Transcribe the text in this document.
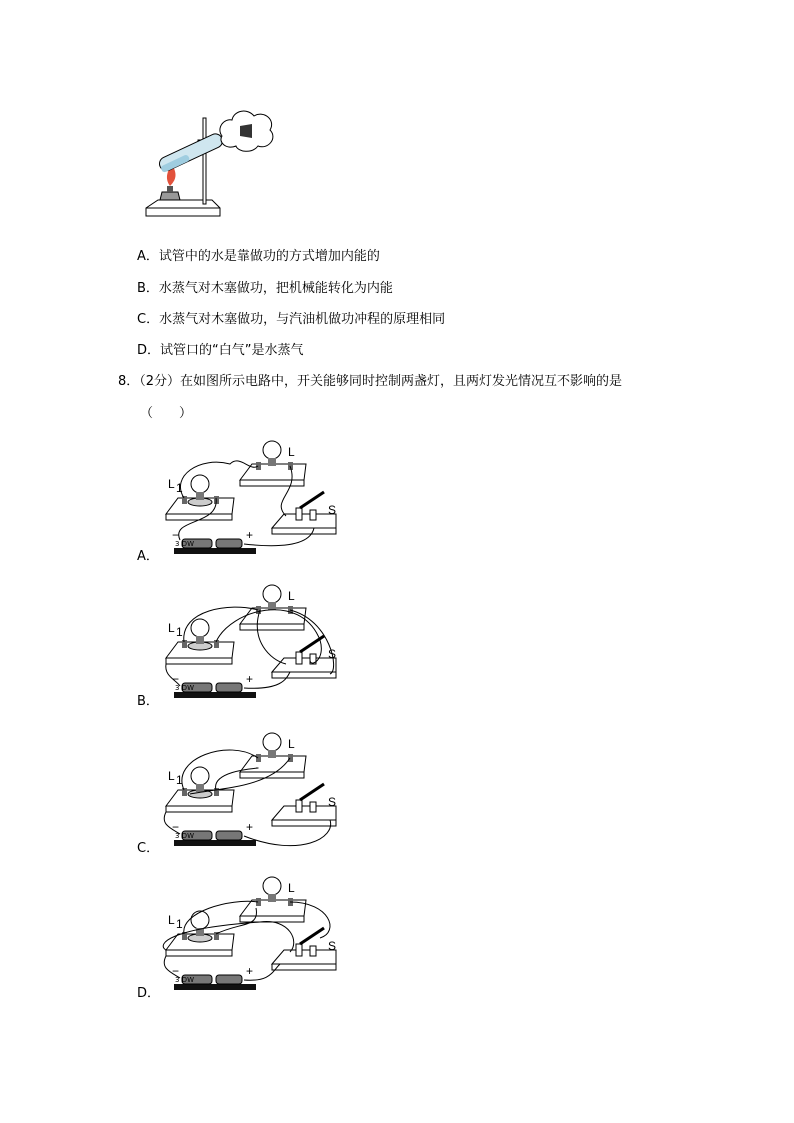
A．试管中的水是靠做功的方式增加内能的
B．水蒸气对木塞做功，把机械能转化为内能
C．水蒸气对木塞做功，与汽油机做功冲程的原理相同
D．试管口的“白气”是水蒸气
8．（2分）在如图所示电路中，开关能够同时控制两盏灯，且两灯发光情况互不影响的是
（　　）
A．
L 1
L
S
3 DW
−	+
B．
L 1
L
S
3 DW
−	+
C．
L 1
L
S
3 DW
−	+
D．
L 1
L
S
3 DW
−	+
